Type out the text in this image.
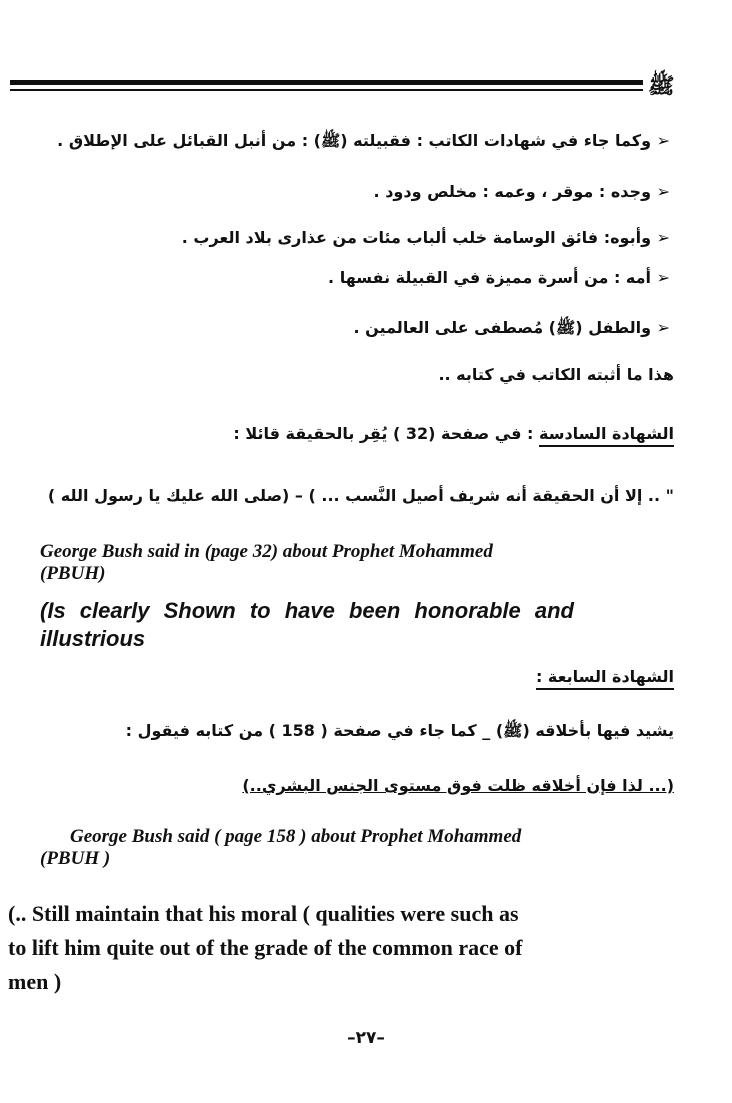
ﷺ
➢ وكما جاء في شهادات الكاتب : فقبيلته (ﷺ) : من أنبل القبائل على الإطلاق .
➢ وجده : موقر ، وعمه : مخلص ودود .
➢ وأبوه: فائق الوسامة خلب ألباب مئات من عذارى بلاد العرب .
➢ أمه : من أسرة مميزة في القبيلة نفسها .
➢ والطفل (ﷺ) مُصطفى على العالمين .
هذا ما أثبته الكاتب في كتابه ..
الشهادة السادسة : في صفحة (32 ) يُقِر بالحقيقة قائلا :
" .. إلا أن الحقيقة أنه شريف أصيل النَّسب ... ) – (صلى الله عليك يا رسول الله )
George Bush said in (page 32) about Prophet Mohammed
(PBUH)
(Is clearly Shown to have been honorable and
illustrious
الشهادة السابعة :
يشيد فيها بأخلاقه (ﷺ) _ كما جاء في صفحة ( 158 ) من كتابه فيقول :
(... لذا فإن أخلاقه ظلت فوق مستوى الجنس البشري..)
George Bush said ( page 158 ) about Prophet Mohammed
(PBUH )
(.. Still maintain that his moral ( qualities were such as
to lift him quite out of the grade of the common race of
men )
–٢٧–
